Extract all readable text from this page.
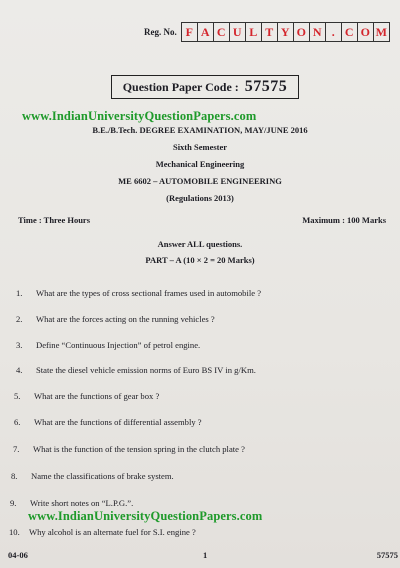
Reg. No. F A C U L T Y O N . C O M
Question Paper Code : 57575
www.IndianUniversityQuestionPapers.com
B.E./B.Tech. DEGREE EXAMINATION, MAY/JUNE 2016
Sixth Semester
Mechanical Engineering
ME 6602 – AUTOMOBILE ENGINEERING
(Regulations 2013)
Time : Three Hours	Maximum : 100 Marks
Answer ALL questions.
PART – A (10 × 2 = 20 Marks)
1.	What are the types of cross sectional frames used in automobile ?
2.	What are the forces acting on the running vehicles ?
3.	Define “Continuous Injection” of petrol engine.
4.	State the diesel vehicle emission norms of Euro BS IV in g/Km.
5.	What are the functions of gear box ?
6.	What are the functions of differential assembly ?
7.	What is the function of the tension spring in the clutch plate ?
8.	Name the classifications of brake system.
9.	Write short notes on “L.P.G.”.
www.IndianUniversityQuestionPapers.com
10.	Why alcohol is an alternate fuel for S.I. engine ?
04-06	1	57575
